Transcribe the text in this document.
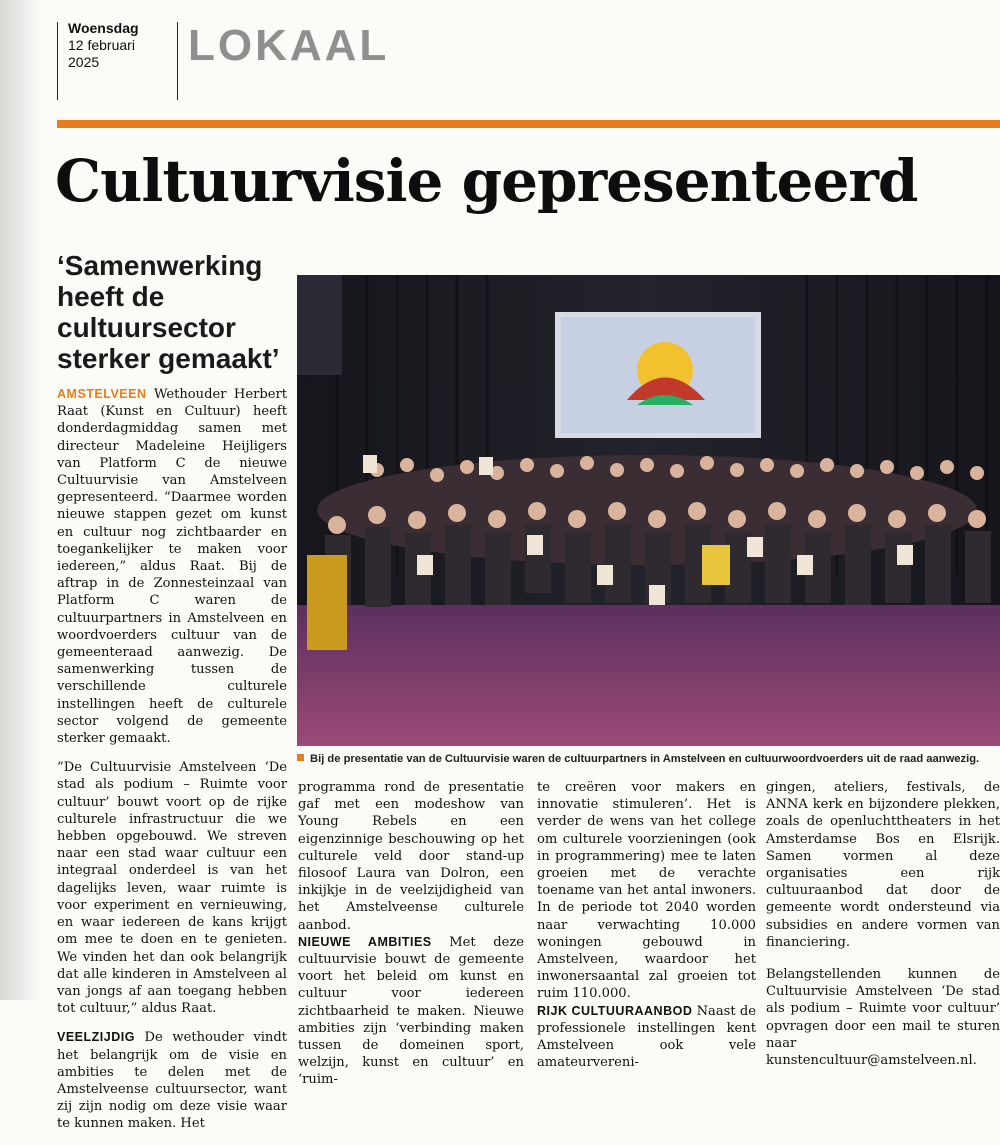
Woensdag
12 februari
2025	LOKAAL
Cultuurvisie gepresenteerd
‘Samenwerking heeft de cultuursector sterker gemaakt’

AMSTELVEEN Wethouder Herbert Raat (Kunst en Cultuur) heeft donderdagmiddag samen met directeur Madeleine Heijligers van Platform C de nieuwe Cultuurvisie van Amstelveen gepresenteerd. “Daarmee worden nieuwe stappen gezet om kunst en cultuur nog zichtbaarder en toegankelijker te maken voor iedereen,” aldus Raat. Bij de aftrap in de Zonnesteinzaal van Platform C waren de cultuurpartners in Amstelveen en woordvoerders cultuur van de gemeenteraad aanwezig. De samenwerking tussen de verschillende culturele instellingen heeft de culturele sector volgend de gemeente sterker gemaakt.

“De Cultuurvisie Amstelveen ‘De stad als podium – Ruimte voor cultuur’ bouwt voort op de rijke culturele infrastructuur die we hebben opgebouwd. We streven naar een stad waar cultuur een integraal onderdeel is van het dagelijks leven, waar ruimte is voor experiment en vernieuwing, en waar iedereen de kans krijgt om mee te doen en te genieten. We vinden het dan ook belangrijk dat alle kinderen in Amstelveen al van jongs af aan toegang hebben tot cultuur,” aldus Raat.

VEELZIJDIG De wethouder vindt het belangrijk om de visie en ambities te delen met de Amstelveense cultuursector, want zij zijn nodig om deze visie waar te kunnen maken. Het

Bij de presentatie van de Cultuurvisie waren de cultuurpartners in Amstelveen en cultuurwoordvoerders uit de raad aanwezig.

programma rond de presentatie gaf met een modeshow van Young Rebels en een eigenzinnige beschouwing op het culturele veld door stand-up filosoof Laura van Dolron, een inkijkje in de veelzijdigheid van het Amstelveense culturele aanbod.

NIEUWE AMBITIES Met deze cultuurvisie bouwt de gemeente voort het beleid om kunst en cultuur voor iedereen zichtbaarheid te maken. Nieuwe ambities zijn ‘verbinding maken tussen de domeinen sport, welzijn, kunst en cultuur’ en ‘ruim-

te creëren voor makers en innovatie stimuleren’. Het is verder de wens van het college om culturele voorzieningen (ook in programmering) mee te laten groeien met de verachte toename van het antal inwoners. In de periode tot 2040 worden naar verwachting 10.000 woningen gebouwd in Amstelveen, waardoor het inwonersaantal zal groeien tot ruim 110.000.

RIJK CULTUURAANBOD Naast de professionele instellingen kent Amstelveen ook vele amateurvereni-

gingen, ateliers, festivals, de ANNA kerk en bijzondere plekken, zoals de openluchttheaters in het Amsterdamse Bos en Elsrijk. Samen vormen al deze organisaties een rijk cultuuraanbod dat door de gemeente wordt ondersteund via subsidies en andere vormen van financiering.

Belangstellenden kunnen de Cultuurvisie Amstelveen ‘De stad als podium – Ruimte voor cultuur’ opvragen door een mail te sturen naar kunstencultuur@amstelveen.nl.
